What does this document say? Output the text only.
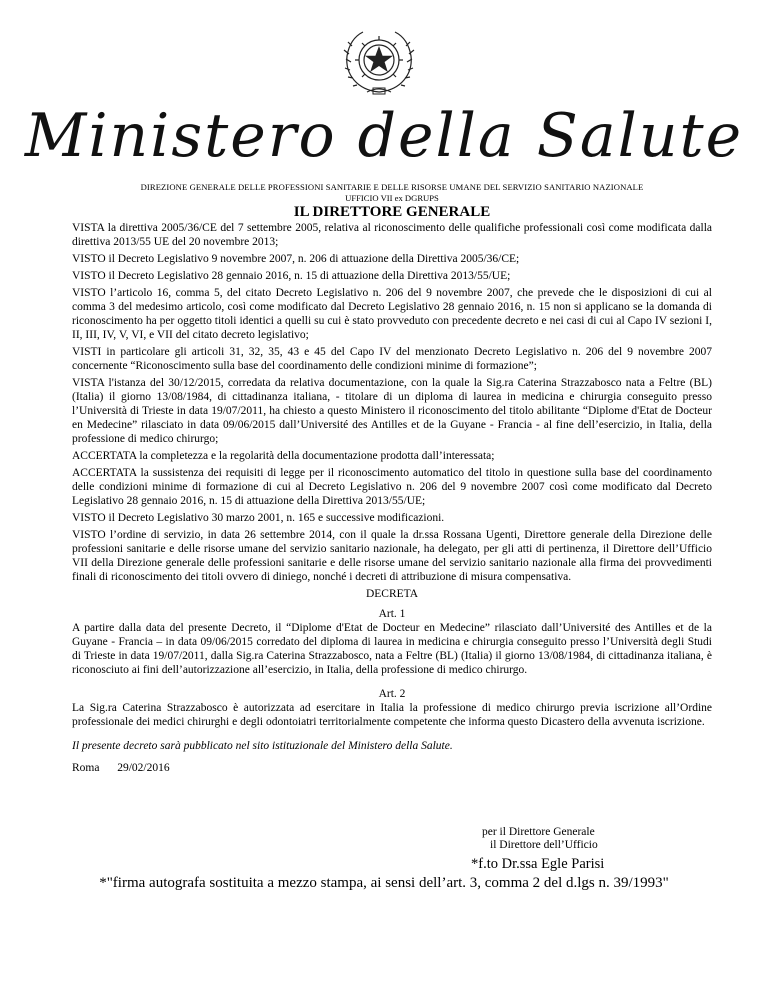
Ministero della Salute
DIREZIONE GENERALE DELLE PROFESSIONI SANITARIE E DELLE RISORSE UMANE DEL SERVIZIO SANITARIO NAZIONALE
UFFICIO VII ex DGRUPS
IL DIRETTORE GENERALE

VISTA la direttiva 2005/36/CE del 7 settembre 2005, relativa al riconoscimento delle qualifiche professionali così come modificata dalla direttiva 2013/55 UE del 20 novembre 2013;

VISTO il Decreto Legislativo 9 novembre 2007, n. 206 di attuazione della Direttiva 2005/36/CE;

VISTO il Decreto Legislativo 28 gennaio 2016, n. 15 di attuazione della Direttiva 2013/55/UE;

VISTO l’articolo 16, comma 5, del citato Decreto Legislativo n. 206 del 9 novembre 2007, che prevede che le disposizioni di cui al comma 3 del medesimo articolo, così come modificato dal Decreto Legislativo 28 gennaio 2016, n. 15 non si applicano se la domanda di riconoscimento ha per oggetto titoli identici a quelli su cui è stato provveduto con precedente decreto e nei casi di cui al Capo IV sezioni I, II, III, IV, V, VI, e VII del citato decreto legislativo;

VISTI in particolare gli articoli 31, 32, 35, 43 e 45 del Capo IV del menzionato Decreto Legislativo n. 206 del 9 novembre 2007 concernente “Riconoscimento sulla base del coordinamento delle condizioni minime di formazione”;

VISTA l'istanza del 30/12/2015, corredata da relativa documentazione, con la quale la Sig.ra Caterina Strazzabosco nata a Feltre (BL) (Italia) il giorno 13/08/1984, di cittadinanza italiana, - titolare di un diploma di laurea in medicina e chirurgia conseguito presso l’Università di Trieste in data 19/07/2011, ha chiesto a questo Ministero il riconoscimento del titolo abilitante “Diplome d'Etat de Docteur en Medecine” rilasciato in data 09/06/2015 dall’Université des Antilles et de la Guyane - Francia - al fine dell’esercizio, in Italia, della professione di medico chirurgo;

ACCERTATA la completezza e la regolarità della documentazione prodotta dall’interessata;

ACCERTATA la sussistenza dei requisiti di legge per il riconoscimento automatico del titolo in questione sulla base del coordinamento delle condizioni minime di formazione di cui al Decreto Legislativo n. 206 del 9 novembre 2007 così come modificato dal Decreto Legislativo 28 gennaio 2016, n. 15 di attuazione della Direttiva 2013/55/UE;

VISTO il Decreto Legislativo 30 marzo 2001, n. 165 e successive modificazioni.

VISTO l’ordine di servizio, in data 26 settembre 2014, con il quale la dr.ssa Rossana Ugenti, Direttore generale della Direzione delle professioni sanitarie e delle risorse umane del servizio sanitario nazionale, ha delegato, per gli atti di pertinenza, il Direttore dell’Ufficio VII della Direzione generale delle professioni sanitarie e delle risorse umane del servizio sanitario nazionale alla firma dei provvedimenti finali di riconoscimento dei titoli ovvero di diniego, nonché i decreti di attribuzione di misura compensativa.

DECRETA

Art. 1

A partire dalla data del presente Decreto, il “Diplome d'Etat de Docteur en Medecine” rilasciato dall’Université des Antilles et de la Guyane - Francia – in data 09/06/2015 corredato del diploma di laurea in medicina e chirurgia conseguito presso l’Università degli Studi di Trieste in data 19/07/2011, dalla Sig.ra Caterina Strazzabosco, nata a Feltre (BL) (Italia) il giorno 13/08/1984, di cittadinanza italiana, è riconosciuto ai fini dell’autorizzazione all’esercizio, in Italia, della professione di medico chirurgo.

Art. 2

La Sig.ra Caterina Strazzabosco è autorizzata ad esercitare in Italia la professione di medico chirurgo previa iscrizione all’Ordine professionale dei medici chirurghi e degli odontoiatri territorialmente competente che informa questo Dicastero della avvenuta iscrizione.

Il presente decreto sarà pubblicato nel sito istituzionale del Ministero della Salute.

Roma 29/02/2016

per il Direttore Generale
il Direttore dell’Ufficio
*f.to Dr.ssa Egle Parisi
*"firma autografa sostituita a mezzo stampa, ai sensi dell’art. 3, comma 2 del d.lgs n. 39/1993"
